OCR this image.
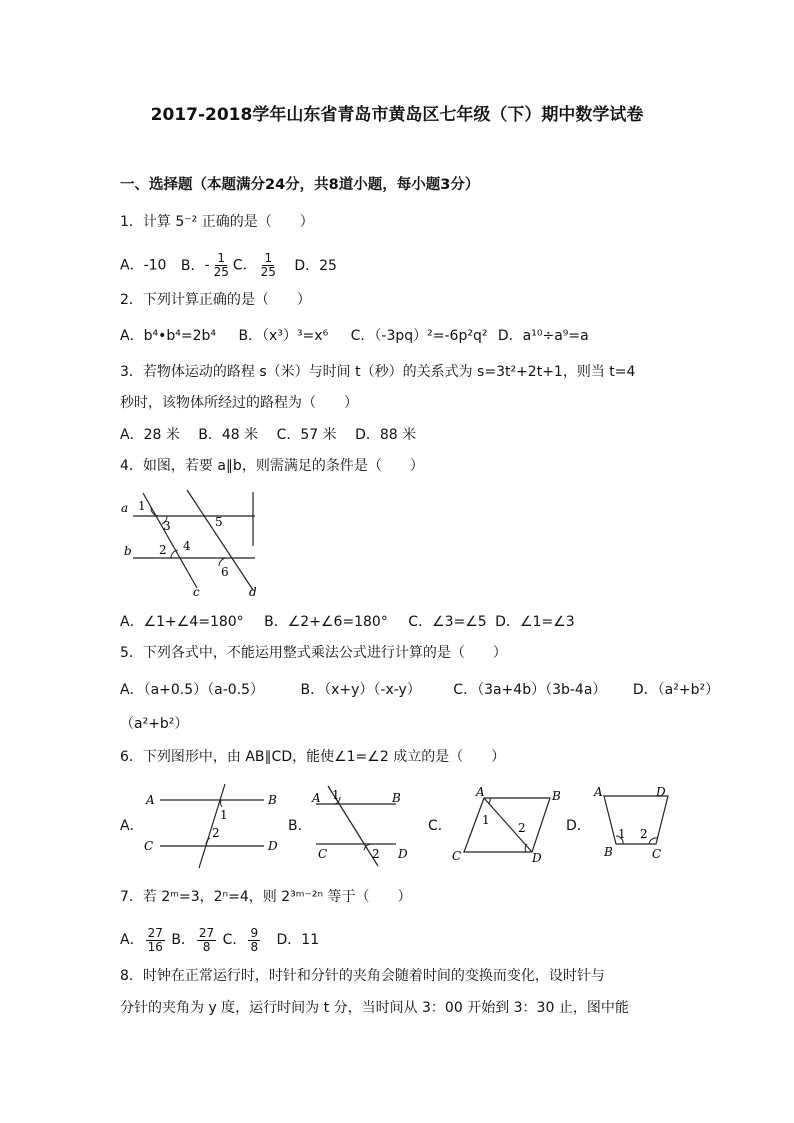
2017-2018学年山东省青岛市黄岛区七年级（下）期中数学试卷
一、选择题（本题满分24分，共8道小题，每小题3分）
1．计算 5⁻² 正确的是（　　）
A．-10 B．- $\frac{1}{25}$ C． $\frac{1}{25}$ D．25
2．下列计算正确的是（　　）
A．b⁴•b⁴=2b⁴ B．（x³）³=x⁶ C．（-3pq）²=-6p²q² D．a¹⁰÷a⁹=a
3．若物体运动的路程 s（米）与时间 t（秒）的关系式为 s=3t²+2t+1，则当 t=4
秒时，该物体所经过的路程为（　　）
A．28 米 B．48 米 C．57 米 D．88 米
4．如图，若要 a∥b，则需满足的条件是（　　）
a
b
c	d
1
3
2 4
5
6
A．∠1+∠4=180° B．∠2+∠6=180° C．∠3=∠5 D．∠1=∠3
5．下列各式中，不能运用整式乘法公式进行计算的是（　　）
A．（a+0.5）（a-0.5）	B．（x+y）（-x-y） C．（3a+4b）（3b-4a） D．（a²+b²）
（a²+b²）
6．下列图形中，由 AB∥CD，能使∠1=∠2 成立的是（　　）
A．
A	B
C	D
1
2	B．
A	B
C	D
1
2
C．
A	B
C	D
1
2	D．
A	D
B	C
1 2
7．若 2ᵐ=3，2ⁿ=4，则 2³ᵐ⁻²ⁿ 等于（　　）
A． $\frac{27}{16}$ B． $\frac{27}{8}$ C． $\frac{9}{8}$ D．11
8．时钟在正常运行时，时针和分针的夹角会随着时间的变换而变化，设时针与
分针的夹角为 y 度，运行时间为 t 分，当时间从 3：00 开始到 3：30 止，图中能
